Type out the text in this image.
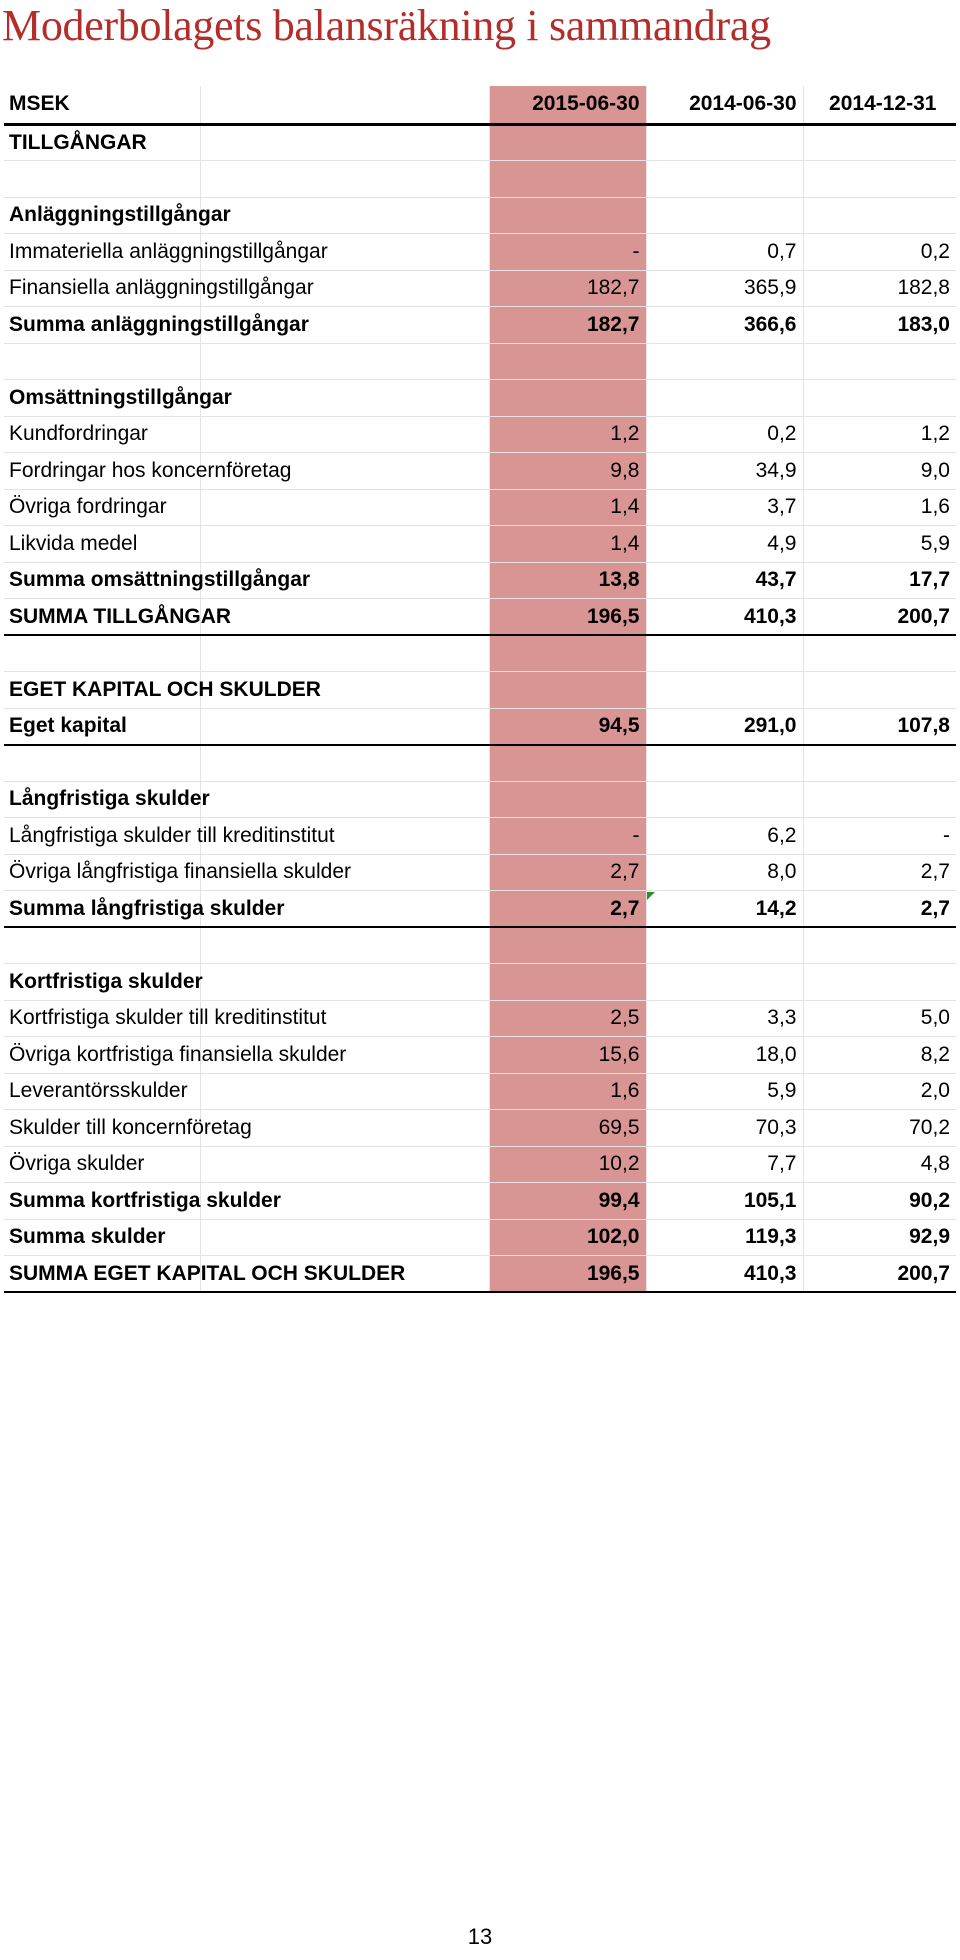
Moderbolagets balansräkning i sammandrag
MSEK		2015-06-30	2014-06-30	2014-12-31
TILLGÅNGAR				

Anläggningstillgångar				
Immateriella anläggningstillgångar		-	0,7	0,2
Finansiella anläggningstillgångar		182,7	365,9	182,8
Summa anläggningstillgångar		182,7	366,6	183,0

Omsättningstillgångar				
Kundfordringar		1,2	0,2	1,2
Fordringar hos koncernföretag		9,8	34,9	9,0
Övriga fordringar		1,4	3,7	1,6
Likvida medel		1,4	4,9	5,9
Summa omsättningstillgångar		13,8	43,7	17,7
SUMMA TILLGÅNGAR		196,5	410,3	200,7

EGET KAPITAL OCH SKULDER				
Eget kapital		94,5	291,0	107,8

Långfristiga skulder				
Långfristiga skulder till kreditinstitut		-	6,2	-
Övriga långfristiga finansiella skulder		2,7	8,0	2,7
Summa långfristiga skulder		2,7	14,2	2,7

Kortfristiga skulder				
Kortfristiga skulder till kreditinstitut		2,5	3,3	5,0
Övriga kortfristiga finansiella skulder		15,6	18,0	8,2
Leverantörsskulder		1,6	5,9	2,0
Skulder till koncernföretag		69,5	70,3	70,2
Övriga skulder		10,2	7,7	4,8
Summa kortfristiga skulder		99,4	105,1	90,2
Summa skulder		102,0	119,3	92,9
SUMMA EGET KAPITAL OCH SKULDER		196,5	410,3	200,7
13
